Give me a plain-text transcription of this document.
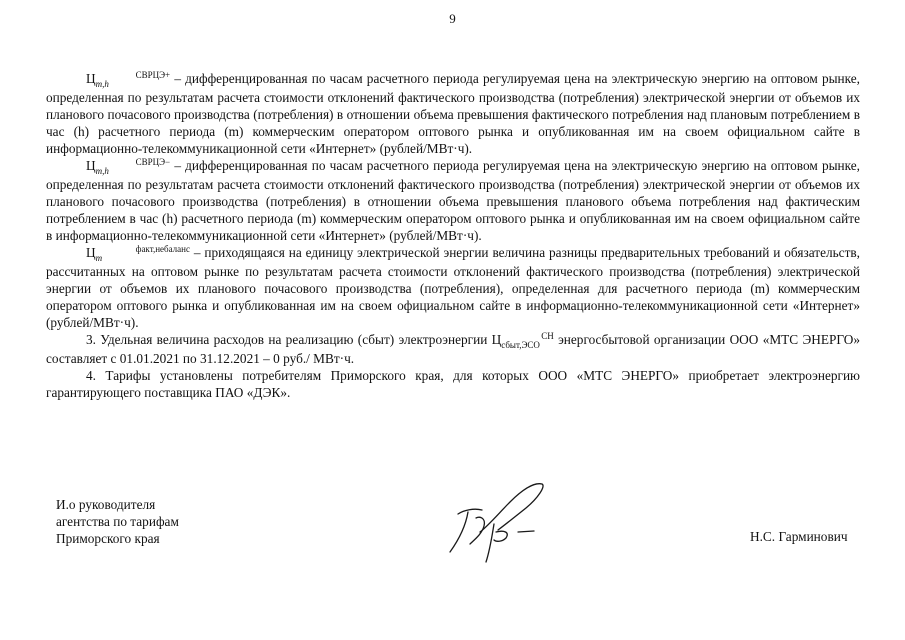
9

Ц	СВРЦЭ+
m,h	– дифференцированная по часам расчетного периода регулируемая цена на электрическую энергию на оптовом рынке, определенная по результатам расчета стоимости отклонений фактического производства (потребления) электрической энергии от объемов их планового почасового производства (потребления) в отношении объема превышения фактического потребления над плановым потреблением в час (h) расчетного периода (m) коммерческим оператором оптового рынка и опубликованная им на своем официальном сайте в информационно-телекоммуникационной сети «Интернет» (рублей/МВт·ч).

Ц	СВРЦЭ−
m,h	– дифференцированная по часам расчетного периода регулируемая цена на электрическую энергию на оптовом рынке, определенная по результатам расчета стоимости отклонений фактического производства (потребления) электрической энергии от объемов их планового почасового производства (потребления) в отношении объема превышения планового объема потребления над фактическим потреблением в час (h) расчетного периода (m) коммерческим оператором оптового рынка и опубликованная им на своем официальном сайте в информационно-телекоммуникационной сети «Интернет» (рублей/МВт·ч).

Ц	факт,небаланс
m	– приходящаяся на единицу электрической энергии величина разницы предварительных требований и обязательств, рассчитанных на оптовом рынке по результатам расчета стоимости отклонений фактического производства (потребления) электрической энергии от объемов их планового почасового производства (потребления), определенная для расчетного периода (m) коммерческим оператором оптового рынка и опубликованная им на своем официальном сайте в информационно-телекоммуникационной сети «Интернет» (рублей/МВт·ч).

3. Удельная величина расходов на реализацию (сбыт) электроэнергии Ц	СН
сбыт,ЭСО энергосбытовой организации ООО «МТС ЭНЕРГО» составляет с 01.01.2021 по 31.12.2021 – 0 руб./ МВт·ч.

4. Тарифы установлены потребителям Приморского края, для которых ООО «МТС ЭНЕРГО» приобретает электроэнергию гарантирующего поставщика ПАО «ДЭК».

И.о руководителя
агентства по тарифам
Приморского края	Н.С. Гарминович
